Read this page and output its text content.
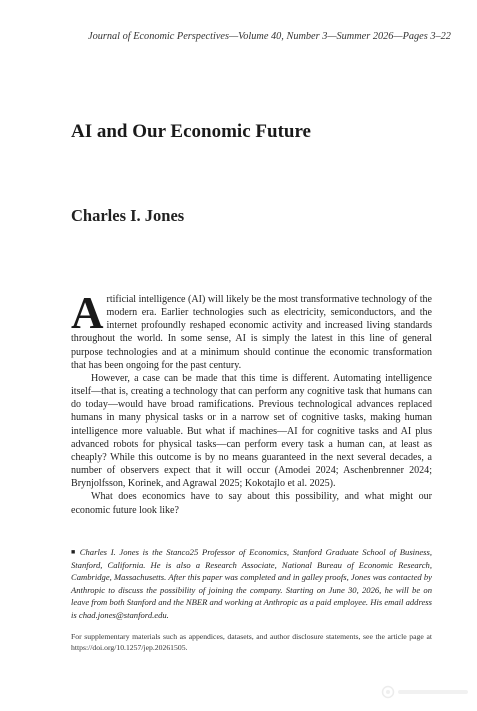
Journal of Economic Perspectives—Volume 40, Number 3—Summer 2026—Pages 3–22
AI and Our Economic Future
Charles I. Jones

Artificial intelligence (AI) will likely be the most transformative technology of the modern era. Earlier technologies such as electricity, semiconductors, and the internet profoundly reshaped economic activity and increased living standards throughout the world. In some sense, AI is simply the latest in this line of general purpose technologies and at a minimum should continue the economic transformation that has been ongoing for the past century.

However, a case can be made that this time is different. Automating intelligence itself—that is, creating a technology that can perform any cognitive task that humans can do today—would have broad ramifications. Previous technological advances replaced humans in many physical tasks or in a narrow set of cognitive tasks, making human intelligence more valuable. But what if machines—AI for cognitive tasks and AI plus advanced robots for physical tasks—can perform every task a human can, at least as cheaply? While this outcome is by no means guaranteed in the next several decades, a number of observers expect that it will occur (Amodei 2024; Aschenbrenner 2024; Brynjolfsson, Korinek, and Agrawal 2025; Kokotajlo et al. 2025).

What does economics have to say about this possibility, and what might our economic future look like?

■ Charles I. Jones is the Stanco25 Professor of Economics, Stanford Graduate School of Business, Stanford, California. He is also a Research Associate, National Bureau of Economic Research, Cambridge, Massachusetts. After this paper was completed and in galley proofs, Jones was contacted by Anthropic to discuss the possibility of joining the company. Starting on June 30, 2026, he will be on leave from both Stanford and the NBER and working at Anthropic as a paid employee. His email address is chad.jones@stanford.edu.
For supplementary materials such as appendices, datasets, and author disclosure statements, see the article page at https://doi.org/10.1257/jep.20261505.
